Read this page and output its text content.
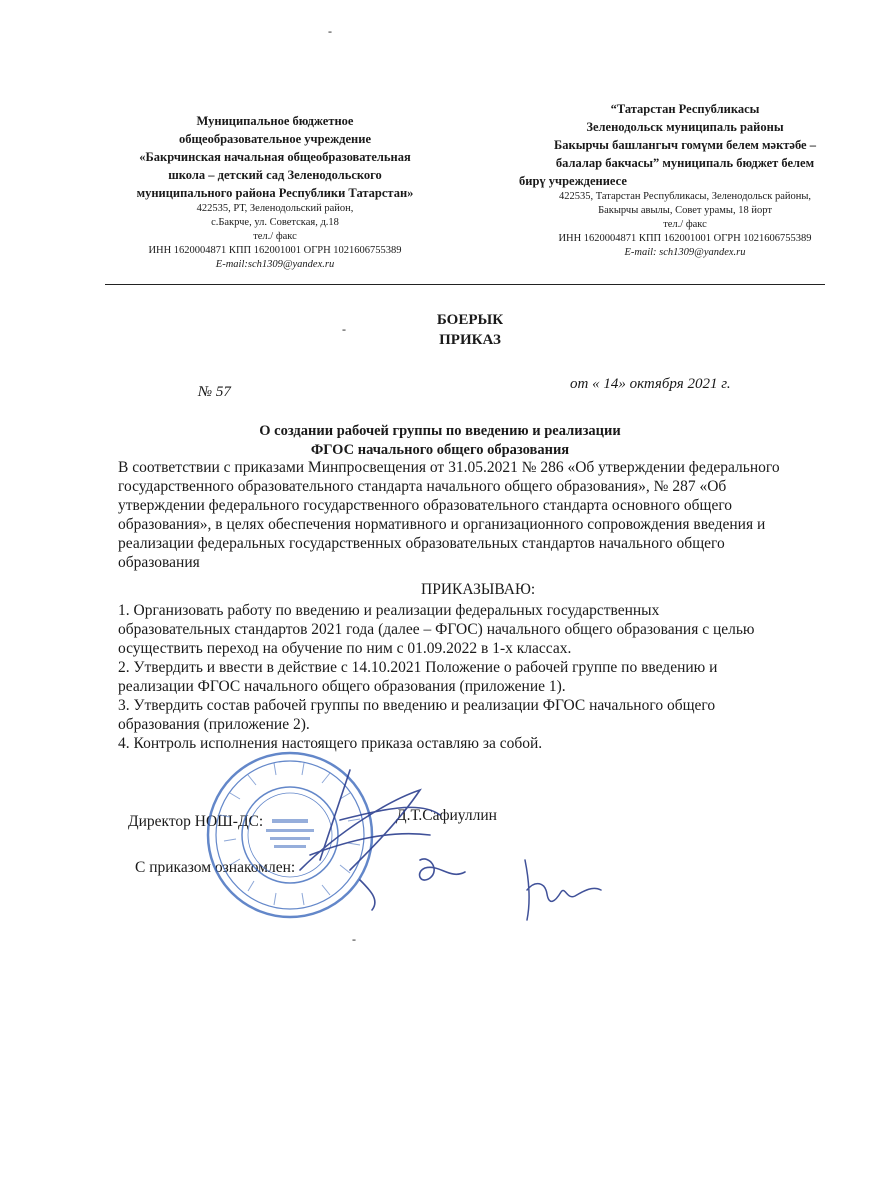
-
-
-
Муниципальное бюджетное
общеобразовательное учреждение
«Бакрчинская начальная общеобразовательная
школа – детский сад Зеленодольского
муниципального района Республики Татарстан»
422535, РТ, Зеленодольский район,
с.Бакрче, ул. Советская, д.18
тел./ факс
ИНН 1620004871 КПП 162001001 ОГРН 1021606755389
E-mail:sch1309@yandex.ru
“Татарстан Республикасы
Зеленодольск муниципаль районы
Бакырчы башлангыч гомүми белем мәктәбе –
балалар бакчасы” муниципаль бюджет белем
бирү учреждениесе
422535, Татарстан Республикасы, Зеленодольск районы,
Бакырчы авылы, Совет урамы, 18 йорт
тел./ факс
ИНН 1620004871 КПП 162001001 ОГРН 1021606755389
E-mail: sch1309@yandex.ru
БОЕРЫК
ПРИКАЗ
№ 57	от « 14» октября 2021 г.
О создании рабочей группы по введению и реализации
ФГОС начального общего образования
В соответствии с приказами Минпросвещения от 31.05.2021 № 286 «Об утверждении федерального
государственного образовательного стандарта начального общего образования», № 287 «Об
утверждении федерального государственного образовательного стандарта основного общего
образования», в целях обеспечения нормативного и организационного сопровождения введения и
реализации федеральных государственных образовательных стандартов начального общего
образования
ПРИКАЗЫВАЮ:
1. Организовать работу по введению и реализации федеральных государственных
образовательных стандартов 2021 года (далее – ФГОС) начального общего образования с целью
осуществить переход на обучение по ним с 01.09.2022 в 1-х классах.
2. Утвердить и ввести в действие с 14.10.2021 Положение о рабочей группе по введению и
реализации ФГОС начального общего образования (приложение 1).
3. Утвердить состав рабочей группы по введению и реализации ФГОС начального общего
образования (приложение 2).
4. Контроль исполнения настоящего приказа оставляю за собой.
Директор НОШ-ДС:	Д.Т.Сафиуллин
С приказом ознакомлен:
